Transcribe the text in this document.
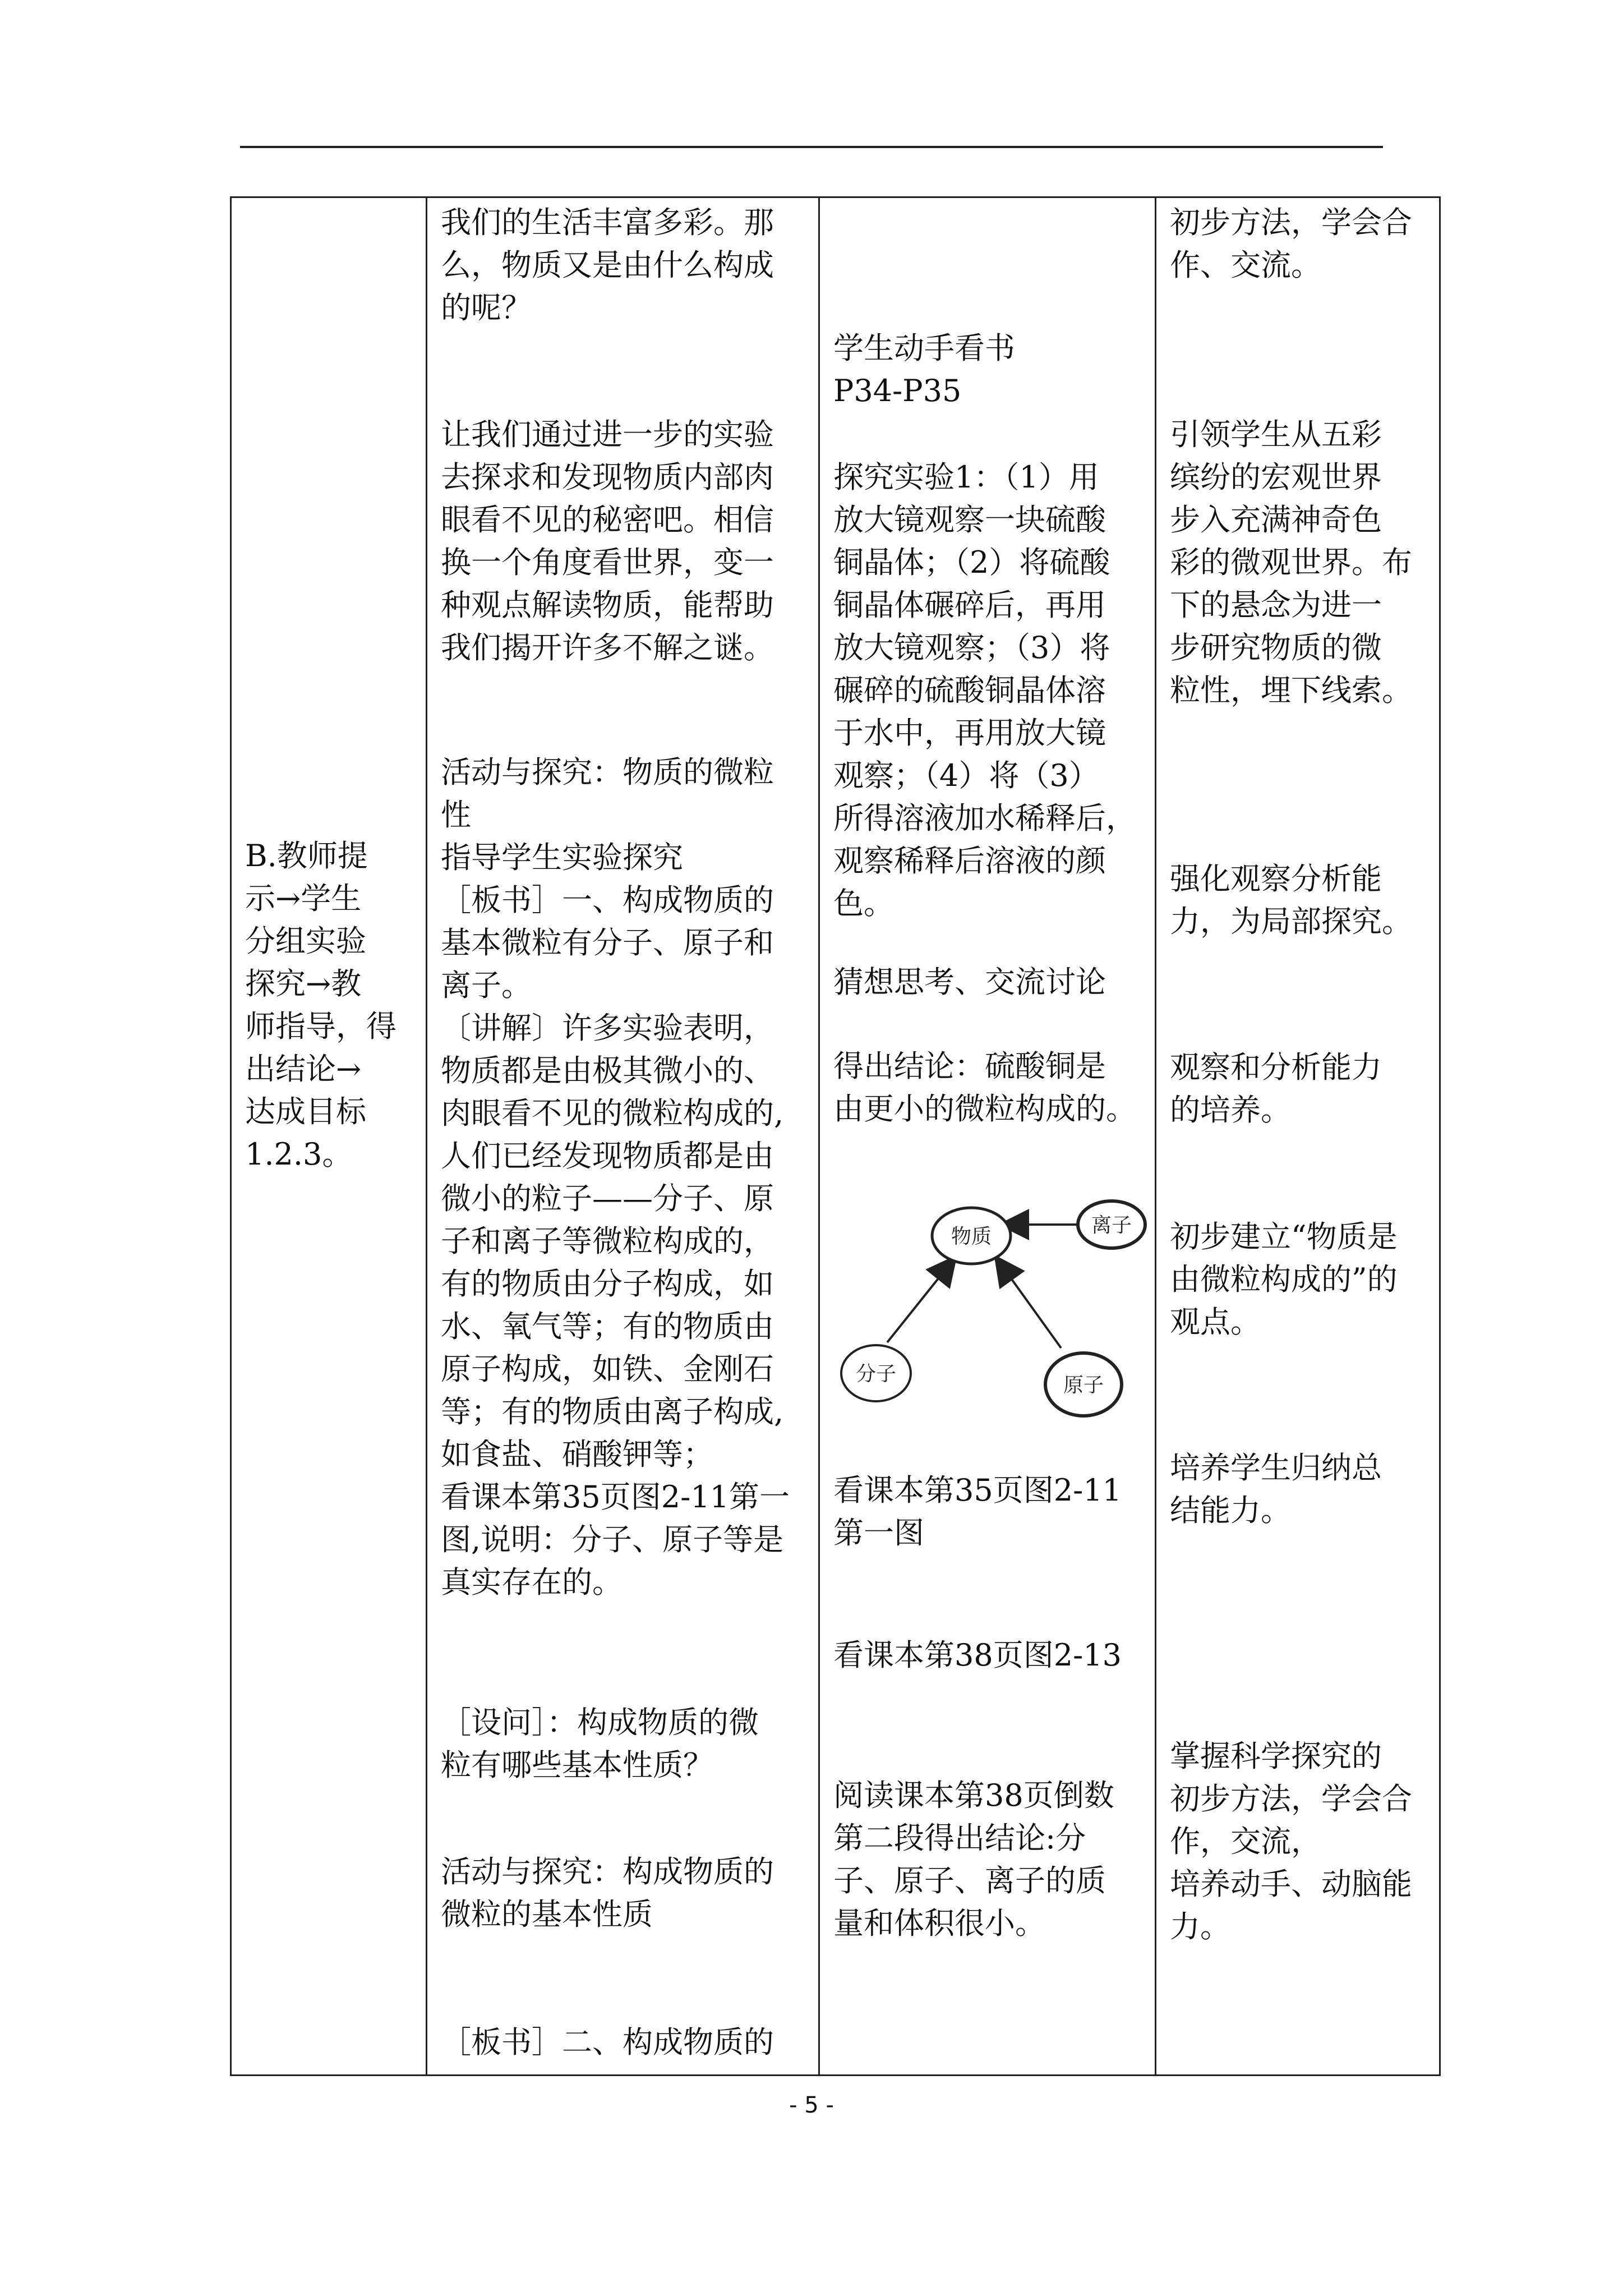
B.教师提
示→学生
分组实验
探究→教
师指导，得
出结论→
达成目标
1.2.3。

我们的生活丰富多彩。那
么，物质又是由什么构成
的呢？
让我们通过进一步的实验
去探求和发现物质内部肉
眼看不见的秘密吧。相信
换一个角度看世界，变一
种观点解读物质，能帮助
我们揭开许多不解之谜。
活动与探究：物质的微粒
性
指导学生实验探究
［板书］一、构成物质的
基本微粒有分子、原子和
离子。
〔讲解〕许多实验表明，
物质都是由极其微小的、
肉眼看不见的微粒构成的,
人们已经发现物质都是由
微小的粒子——分子、原
子和离子等微粒构成的，
有的物质由分子构成，如
水、氧气等；有的物质由
原子构成，如铁、金刚石
等；有的物质由离子构成,
如食盐、硝酸钾等；
看课本第35页图2-11第一
图,说明：分子、原子等是
真实存在的。
［设问］：构成物质的微
粒有哪些基本性质？
活动与探究：构成物质的
微粒的基本性质
［板书］二、构成物质的

学生动手看书
P34-P35
探究实验1：（1）用
放大镜观察一块硫酸
铜晶体；（2）将硫酸
铜晶体碾碎后，再用
放大镜观察；（3）将
碾碎的硫酸铜晶体溶
于水中，再用放大镜
观察；（4）将（3）
所得溶液加水稀释后，
观察稀释后溶液的颜
色。
猜想思考、交流讨论
得出结论：硫酸铜是
由更小的微粒构成的。
物质	离子
分子	原子
看课本第35页图2-11
第一图
看课本第38页图2-13
阅读课本第38页倒数
第二段得出结论:分
子、原子、离子的质
量和体积很小。

初步方法，学会合
作、交流。
引领学生从五彩
缤纷的宏观世界
步入充满神奇色
彩的微观世界。布
下的悬念为进一
步研究物质的微
粒性，埋下线索。
强化观察分析能
力，为局部探究。
观察和分析能力
的培养。
初步建立“物质是
由微粒构成的”的
观点。
培养学生归纳总
结能力。
掌握科学探究的
初步方法，学会合
作，交流，
培养动手、动脑能
力。
- 5 -
